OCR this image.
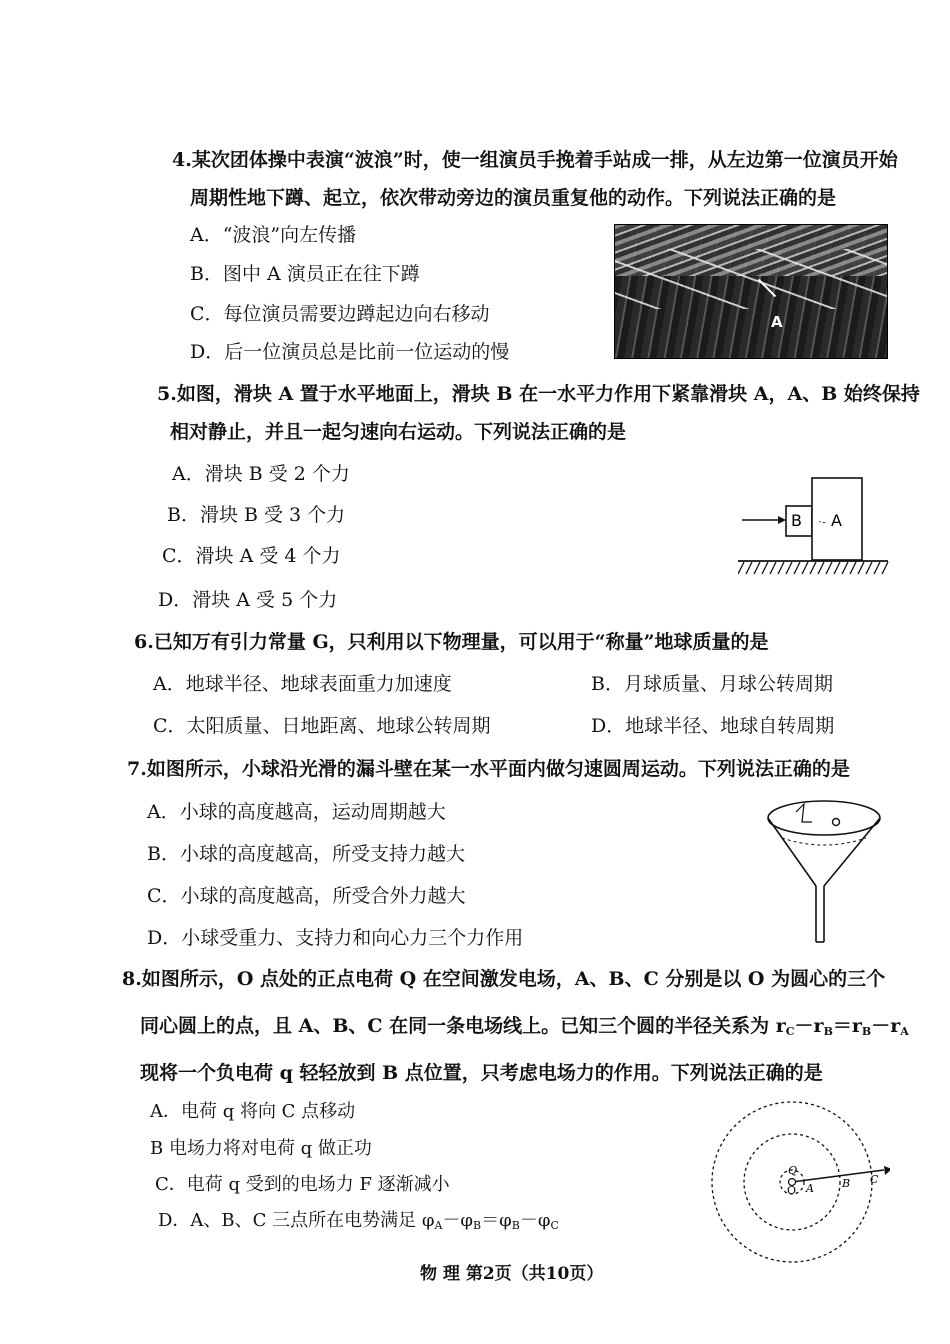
4.某次团体操中表演“波浪”时，使一组演员手挽着手站成一排，从左边第一位演员开始
周期性地下蹲、起立，依次带动旁边的演员重复他的动作。下列说法正确的是
A．“波浪”向左传播
B．图中 A 演员正在往下蹲
C．每位演员需要边蹲起边向右移动
D．后一位演员总是比前一位运动的慢
A
5.如图，滑块 A 置于水平地面上，滑块 B 在一水平力作用下紧靠滑块 A，A、B 始终保持
相对静止，并且一起匀速向右运动。下列说法正确的是
A．滑块 B 受 2 个力
B．滑块 B 受 3 个力
C．滑块 A 受 4 个力
D．滑块 A 受 5 个力
B ·- A
6.已知万有引力常量 G，只利用以下物理量，可以用于“称量”地球质量的是
A．地球半径、地球表面重力加速度	B．月球质量、月球公转周期
C．太阳质量、日地距离、地球公转周期	D．地球半径、地球自转周期
7.如图所示，小球沿光滑的漏斗壁在某一水平面内做匀速圆周运动。下列说法正确的是
A．小球的高度越高，运动周期越大
B．小球的高度越高，所受支持力越大
C．小球的高度越高，所受合外力越大
D．小球受重力、支持力和向心力三个力作用
8.如图所示，O 点处的正点电荷 Q 在空间激发电场，A、B、C 分别是以 O 为圆心的三个
同心圆上的点，且 A、B、C 在同一条电场线上。已知三个圆的半径关系为 $r_C-r_B=r_B-r_A$
现将一个负电荷 q 轻轻放到 B 点位置，只考虑电场力的作用。下列说法正确的是
A．电荷 q 将向 C 点移动
B 电场力将对电荷 q 做正功
C．电荷 q 受到的电场力 F 逐渐减小
D．A、B、C 三点所在电势满足 $\varphi_A-\varphi_B=\varphi_B-\varphi_C$
Q
O A	B C
物 理 第2页（共10页）
